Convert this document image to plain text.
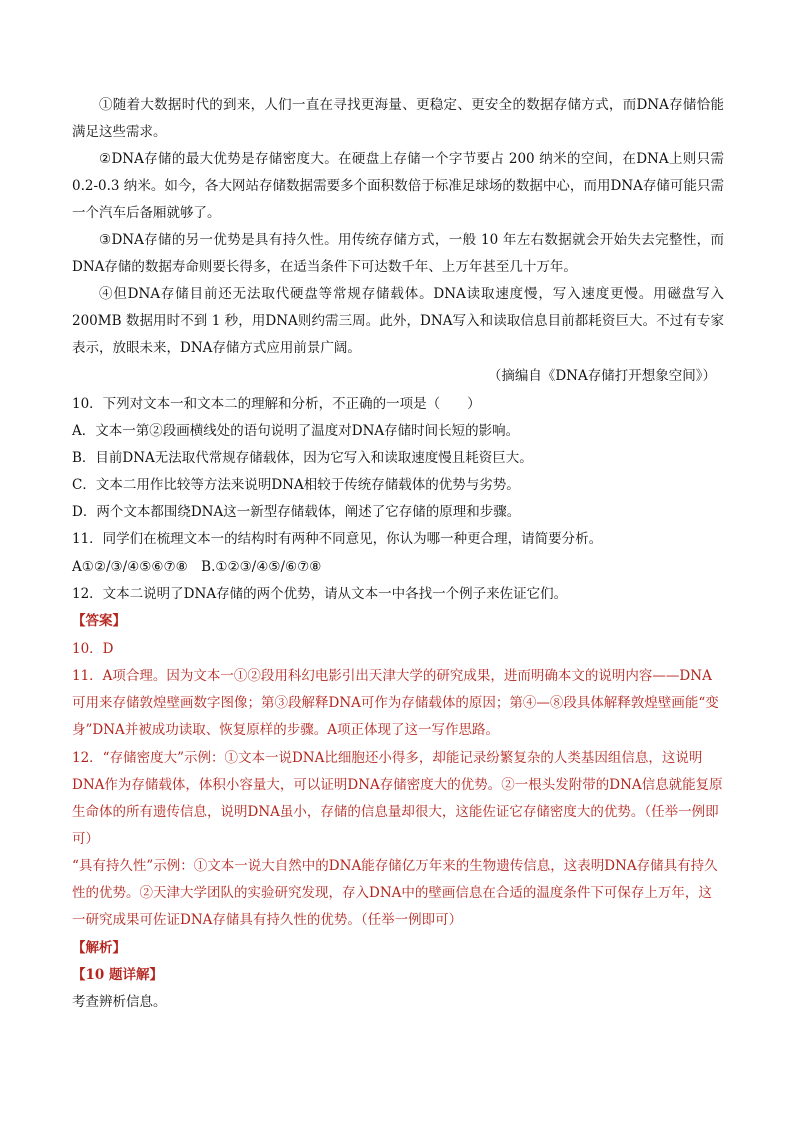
①随着大数据时代的到来，人们一直在寻找更海量、更稳定、更安全的数据存储方式，而DNA存储恰能满足这些需求。

②DNA存储的最大优势是存储密度大。在硬盘上存储一个字节要占 200 纳米的空间，在DNA上则只需 0.2-0.3 纳米。如今，各大网站存储数据需要多个面积数倍于标准足球场的数据中心，而用DNA存储可能只需一个汽车后备厢就够了。

③DNA存储的另一优势是具有持久性。用传统存储方式，一般 10 年左右数据就会开始失去完整性，而DNA存储的数据寿命则要长得多，在适当条件下可达数千年、上万年甚至几十万年。

④但DNA存储目前还无法取代硬盘等常规存储载体。DNA读取速度慢，写入速度更慢。用磁盘写入 200MB 数据用时不到 1 秒，用DNA则约需三周。此外，DNA写入和读取信息目前都耗资巨大。不过有专家表示，放眼未来，DNA存储方式应用前景广阔。

（摘编自《DNA存储打开想象空间》）

10．下列对文本一和文本二的理解和分析，不正确的一项是（　　）

A．文本一第②段画横线处的语句说明了温度对DNA存储时间长短的影响。

B．目前DNA无法取代常规存储载体，因为它写入和读取速度慢且耗资巨大。

C．文本二用作比较等方法来说明DNA相较于传统存储载体的优势与劣势。

D．两个文本都围绕DNA这一新型存储载体，阐述了它存储的原理和步骤。

11．同学们在梳理文本一的结构时有两种不同意见，你认为哪一种更合理，请简要分析。

A①②/③/④⑤⑥⑦⑧　B.①②③/④⑤/⑥⑦⑧

12．文本二说明了DNA存储的两个优势，请从文本一中各找一个例子来佐证它们。

【答案】

10．D

11．A项合理。因为文本一①②段用科幻电影引出天津大学的研究成果，进而明确本文的说明内容——DNA可用来存储敦煌壁画数字图像；第③段解释DNA可作为存储载体的原因；第④—⑧段具体解释敦煌壁画能“变身”DNA并被成功读取、恢复原样的步骤。A项正体现了这一写作思路。

12．“存储密度大”示例：①文本一说DNA比细胞还小得多，却能记录纷繁复杂的人类基因组信息，这说明DNA作为存储载体，体积小容量大，可以证明DNA存储密度大的优势。②一根头发附带的DNA信息就能复原生命体的所有遗传信息，说明DNA虽小，存储的信息量却很大，这能佐证它存储密度大的优势。（任举一例即可）

“具有持久性”示例：①文本一说大自然中的DNA能存储亿万年来的生物遗传信息，这表明DNA存储具有持久性的优势。②天津大学团队的实验研究发现，存入DNA中的壁画信息在合适的温度条件下可保存上万年，这一研究成果可佐证DNA存储具有持久性的优势。（任举一例即可）

【解析】

【10 题详解】

考查辨析信息。
